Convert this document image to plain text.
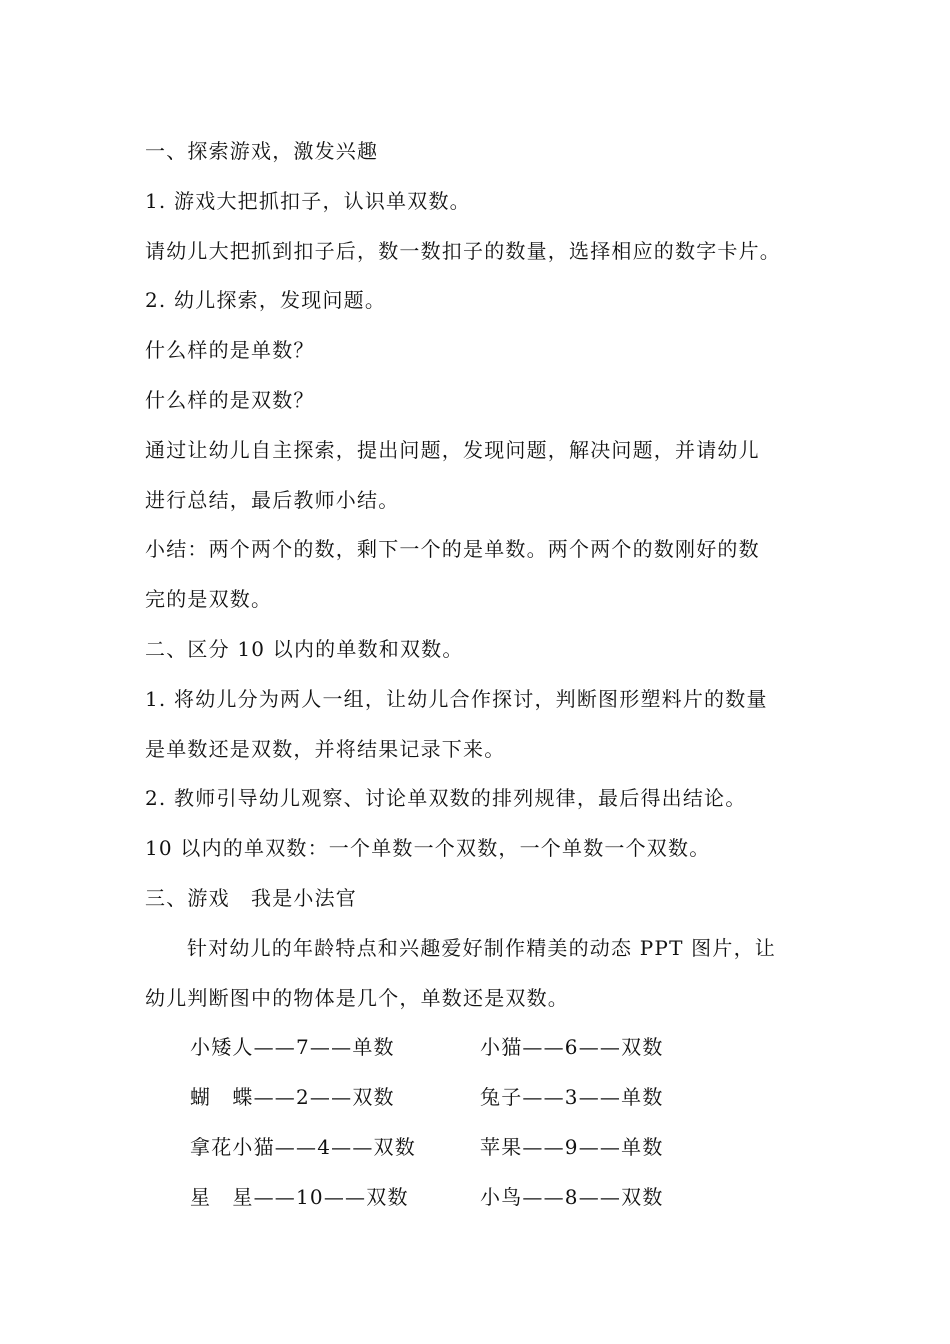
一、探索游戏，激发兴趣
1. 游戏大把抓扣子，认识单双数。
请幼儿大把抓到扣子后，数一数扣子的数量，选择相应的数字卡片。
2. 幼儿探索，发现问题。
什么样的是单数？
什么样的是双数？
通过让幼儿自主探索，提出问题，发现问题，解决问题，并请幼儿
进行总结，最后教师小结。
小结：两个两个的数，剩下一个的是单数。两个两个的数刚好的数
完的是双数。
二、区分 10 以内的单数和双数。
1. 将幼儿分为两人一组，让幼儿合作探讨，判断图形塑料片的数量
是单数还是双数，并将结果记录下来。
2. 教师引导幼儿观察、讨论单双数的排列规律，最后得出结论。
10 以内的单双数：一个单数一个双数，一个单数一个双数。
三、游戏　我是小法官
针对幼儿的年龄特点和兴趣爱好制作精美的动态 PPT 图片，让
幼儿判断图中的物体是几个，单数还是双数。
小矮人——7——单数	小猫——6——双数
蝴　蝶——2——双数	兔子——3——单数
拿花小猫——4——双数	苹果——9——单数
星　星——10——双数	小鸟——8——双数
